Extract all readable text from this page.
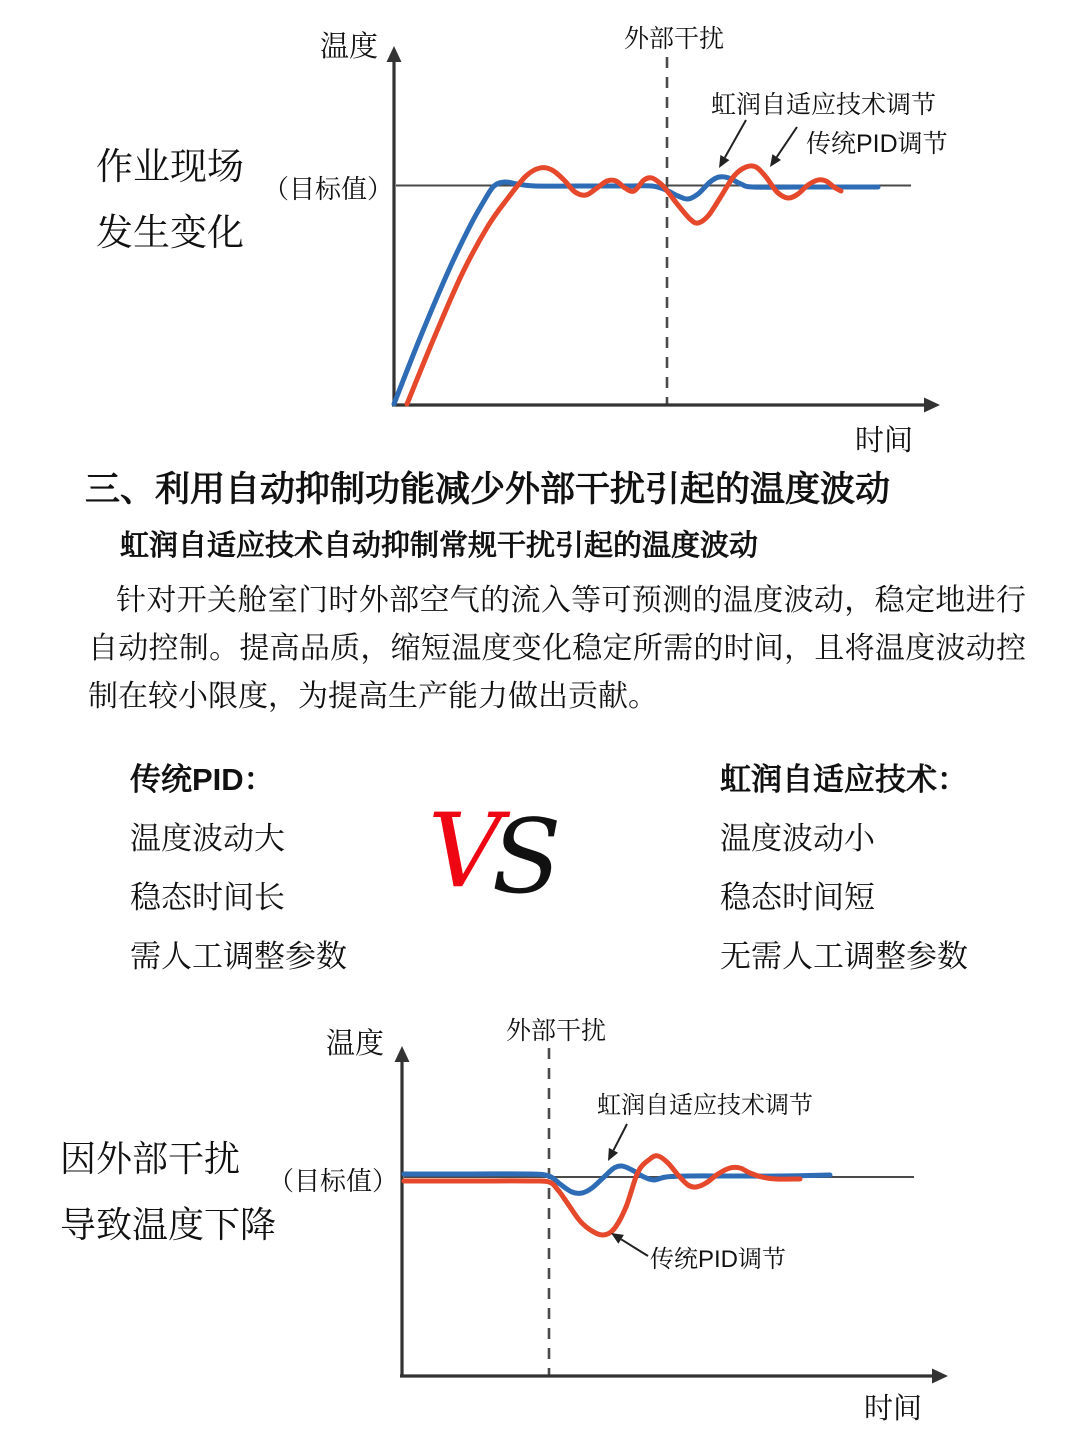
作业现场
发生变化
温度	外部干扰
（目标值）
虹润自适应技术调节
传统PID调节
时间
三、利用自动抑制功能减少外部干扰引起的温度波动
虹润自适应技术自动抑制常规干扰引起的温度波动
针对开关舱室门时外部空气的流入等可预测的温度波动，稳定地进行自动控制。提高品质，缩短温度变化稳定所需的时间，且将温度波动控制在较小限度，为提高生产能力做出贡献。
传统PID：
温度波动大
稳态时间长
需人工调整参数
VS
虹润自适应技术：
温度波动小
稳态时间短
无需人工调整参数
因外部干扰
导致温度下降
温度	外部干扰
（目标值）
虹润自适应技术调节
传统PID调节
时间
